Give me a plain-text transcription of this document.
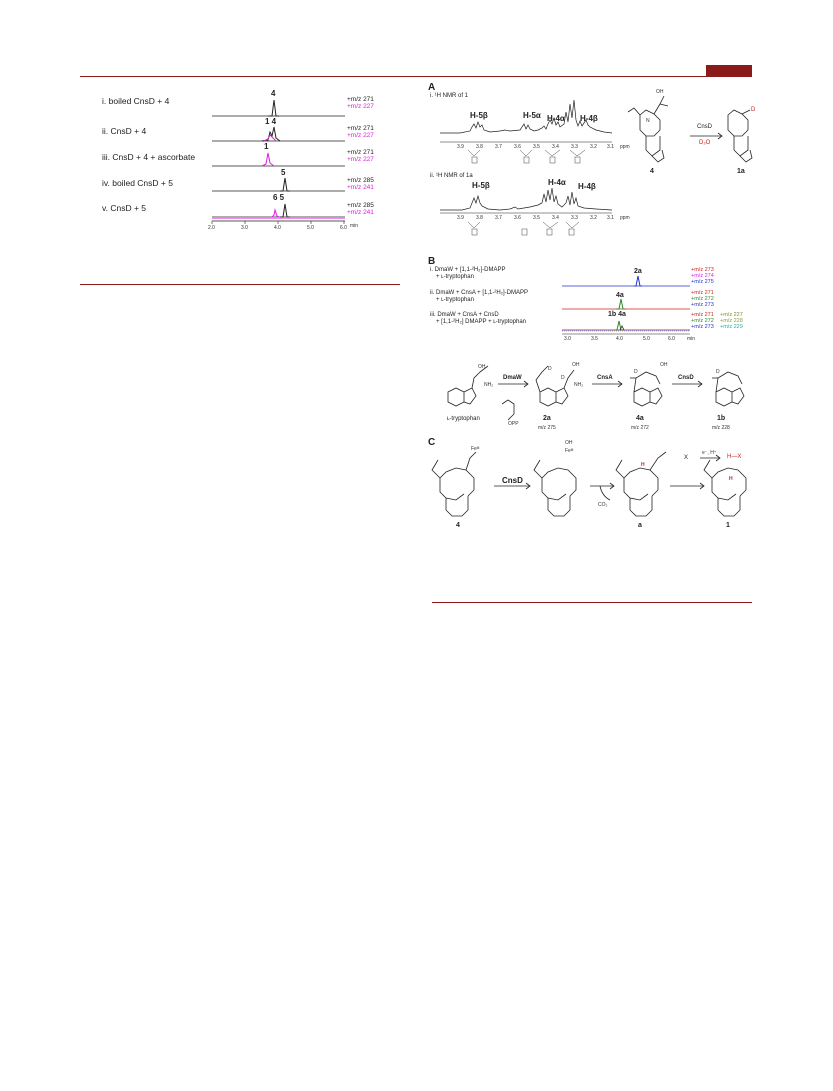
i. boiled CnsD + 4
ii. CnsD + 4
iii. CnsD + 4 + ascorbate
iv. boiled CnsD + 5
v. CnsD + 5
+m/z 271
+m/z 227
+m/z 271
+m/z 227
+m/z 271
+m/z 227
+m/z 285
+m/z 241
+m/z 285
+m/z 241
4
1 4
1
5
6 5
2.0	3.0	4.0	5.0	6.0 min
A
i. ¹H NMR of 1
ii. ¹H NMR of 1a
H-5β	H-5α H-4α H-4β
H-5β	H-4α H-4β
3.9 3.8 3.7 3.6 3.5 3.4 3.3 3.2 3.1 ppm
3.9 3.8 3.7 3.6 3.5 3.4 3.3 3.2 3.1 ppm
OH
N
CnsD
D₂O
D
4	1a
B
i. DmaW + [1,1-²H₂]-DMAPP
+ ʟ-tryptophan
ii. DmaW + CnsA + [1,1-²H₂]-DMAPP
+ ʟ-tryptophan
iii. DmaW + CnsA + CnsD
+ [1,1-²H₂] DMAPP + ʟ-tryptophan
2a
4a
1b 4a
+m/z 273
+m/z 274
+m/z 275
+m/z 271
+m/z 272
+m/z 273
+m/z 271
+m/z 272
+m/z 273
+m/z 227
+m/z 228
+m/z 229
3.0	3.5	4.0	5.0	6.0 min
DmaW	CnsA	CnsD
ʟ-tryptophan	2a	4a	1b
m/z 275	m/z 272	m/z 228
OPP
D
D
D	D
OH
NH₂
OH
NH₂
OH
C
CnsD
CO₂
4	a	1
Feᴵᴵᴵ
OH
Feᴵᴵᴵ	e⁻, H⁺
H—X
X
H
H
